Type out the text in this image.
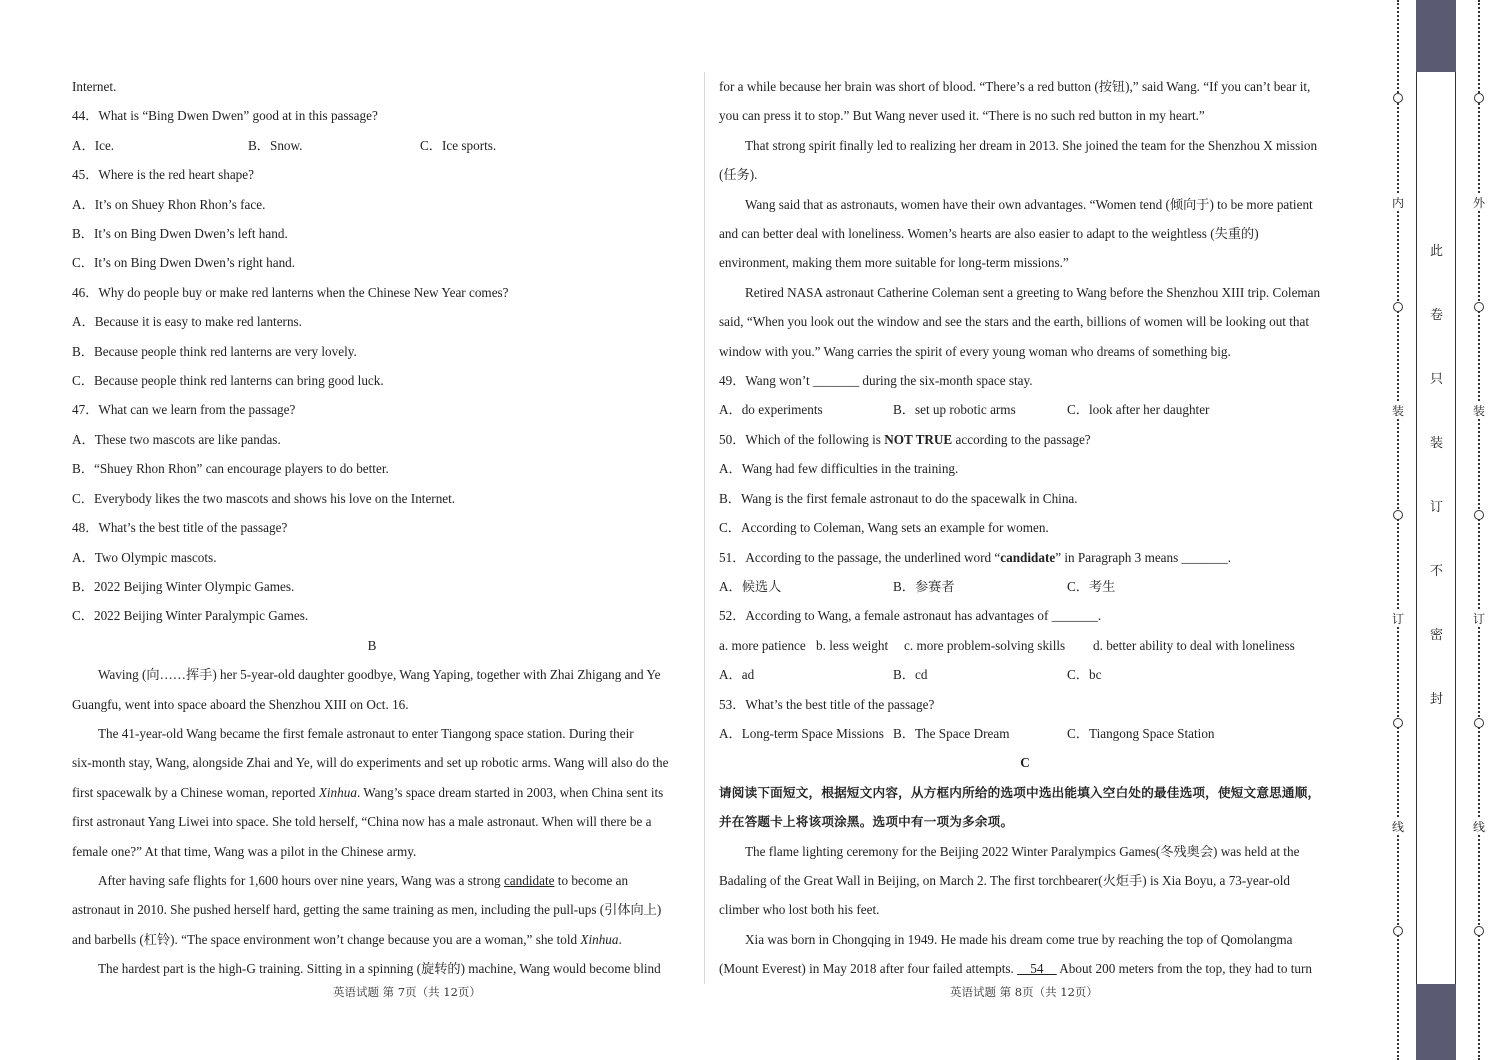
Internet.
44．What is “Bing Dwen Dwen” good at in this passage?
A．Ice.	B．Snow.	C．Ice sports.
45．Where is the red heart shape?
A．It’s on Shuey Rhon Rhon’s face.
B．It’s on Bing Dwen Dwen’s left hand.
C．It’s on Bing Dwen Dwen’s right hand.
46．Why do people buy or make red lanterns when the Chinese New Year comes?
A．Because it is easy to make red lanterns.
B．Because people think red lanterns are very lovely.
C．Because people think red lanterns can bring good luck.
47．What can we learn from the passage?
A．These two mascots are like pandas.
B．“Shuey Rhon Rhon” can encourage players to do better.
C．Everybody likes the two mascots and shows his love on the Internet.
48．What’s the best title of the passage?
A．Two Olympic mascots.
B．2022 Beijing Winter Olympic Games.
C．2022 Beijing Winter Paralympic Games.
B
Waving (向……挥手) her 5-year-old daughter goodbye, Wang Yaping, together with Zhai Zhigang and Ye
Guangfu, went into space aboard the Shenzhou XIII on Oct. 16.
The 41-year-old Wang became the first female astronaut to enter Tiangong space station. During their
six-month stay, Wang, alongside Zhai and Ye, will do experiments and set up robotic arms. Wang will also do the
first spacewalk by a Chinese woman, reported Xinhua. Wang’s space dream started in 2003, when China sent its
first astronaut Yang Liwei into space. She told herself, “China now has a male astronaut. When will there be a
female one?” At that time, Wang was a pilot in the Chinese army.
After having safe flights for 1,600 hours over nine years, Wang was a strong candidate to become an
astronaut in 2010. She pushed herself hard, getting the same training as men, including the pull-ups (引体向上)
and barbells (杠铃). “The space environment won’t change because you are a woman,” she told Xinhua.
The hardest part is the high-G training. Sitting in a spinning (旋转的) machine, Wang would become blind
for a while because her brain was short of blood. “There’s a red button (按钮),” said Wang. “If you can’t bear it,
you can press it to stop.” But Wang never used it. “There is no such red button in my heart.”
That strong spirit finally led to realizing her dream in 2013. She joined the team for the Shenzhou X mission
(任务).
Wang said that as astronauts, women have their own advantages. “Women tend (倾向于) to be more patient
and can better deal with loneliness. Women’s hearts are also easier to adapt to the weightless (失重的)
environment, making them more suitable for long-term missions.”
Retired NASA astronaut Catherine Coleman sent a greeting to Wang before the Shenzhou XIII trip. Coleman
said, “When you look out the window and see the stars and the earth, billions of women will be looking out that
window with you.” Wang carries the spirit of every young woman who dreams of something big.
49．Wang won’t _______ during the six-month space stay.
A．do experiments	B．set up robotic arms	C．look after her daughter
50．Which of the following is NOT TRUE according to the passage?
A．Wang had few difficulties in the training.
B．Wang is the first female astronaut to do the spacewalk in China.
C．According to Coleman, Wang sets an example for women.
51．According to the passage, the underlined word “candidate” in Paragraph 3 means _______.
A．候选人	B．参赛者	C．考生
52．According to Wang, a female astronaut has advantages of _______.
a. more patience b. less weight c. more problem-solving skills d. better ability to deal with loneliness
A．ad	B．cd	C．bc
53．What’s the best title of the passage?
A．Long-term Space Missions B．The Space Dream	C．Tiangong Space Station
C
请阅读下面短文，根据短文内容，从方框内所给的选项中选出能填入空白处的最佳选项，使短文意思通顺，
并在答题卡上将该项涂黑。选项中有一项为多余项。
The flame lighting ceremony for the Beijing 2022 Winter Paralympics Games(冬残奥会) was held at the
Badaling of the Great Wall in Beijing, on March 2. The first torchbearer(火炬手) is Xia Boyu, a 73-year-old
climber who lost both his feet.
Xia was born in Chongqing in 1949. He made his dream come true by reaching the top of Qomolangma
(Mount Everest) in May 2018 after four failed attempts. ＿54＿ About 200 meters from the top, they had to turn
英语试题 第 7页（共 12页）	英语试题 第 8页（共 12页）
内
装
订
线
外
装
订
线
此
卷
只
装
订
不
密
封
